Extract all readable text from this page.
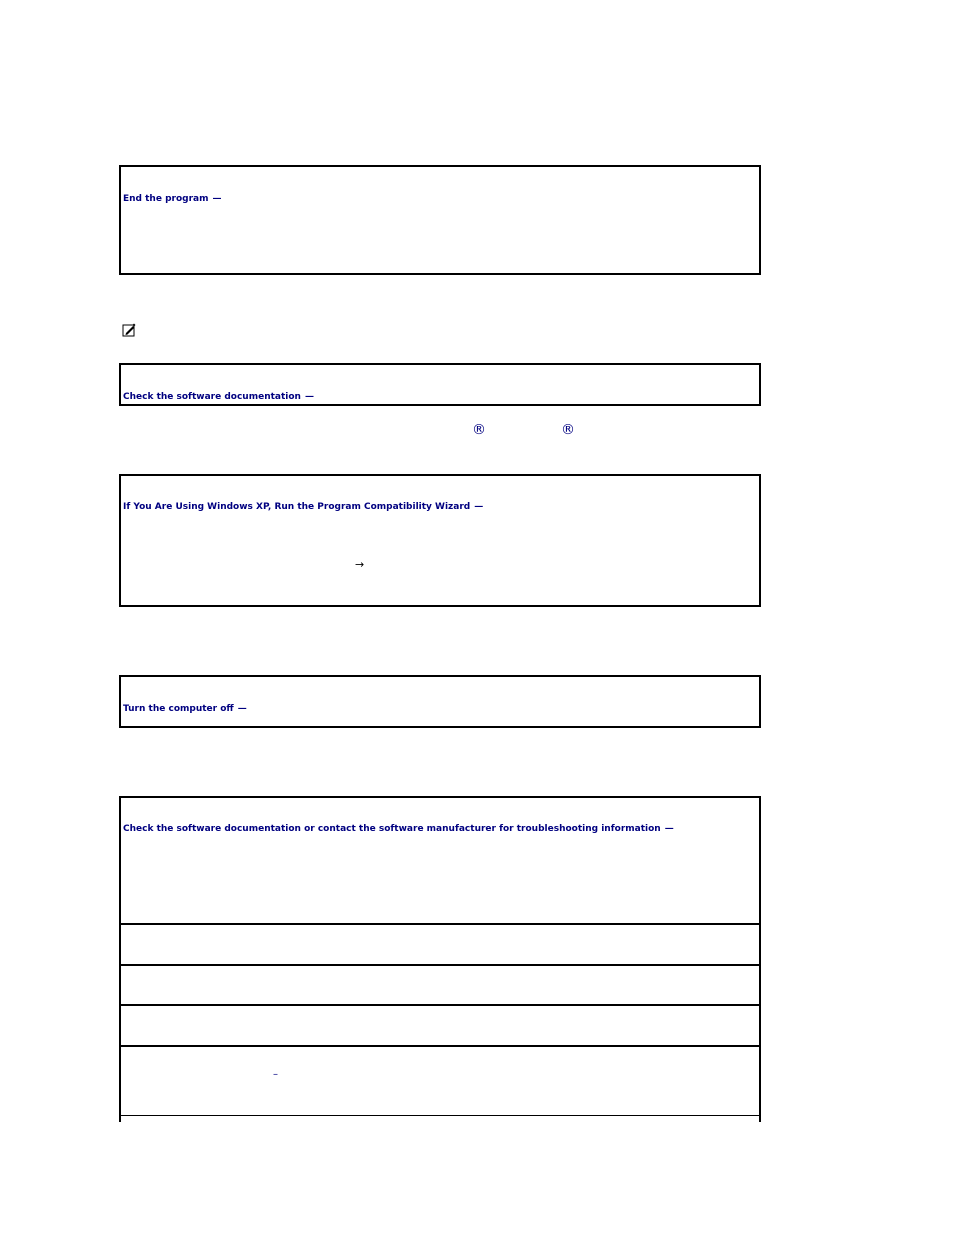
End the program —
Check the software documentation —
®	®
If You Are Using Windows XP, Run the Program Compatibility Wizard —
→
Turn the computer off —
Check the software documentation or contact the software manufacturer for troubleshooting information —
–
